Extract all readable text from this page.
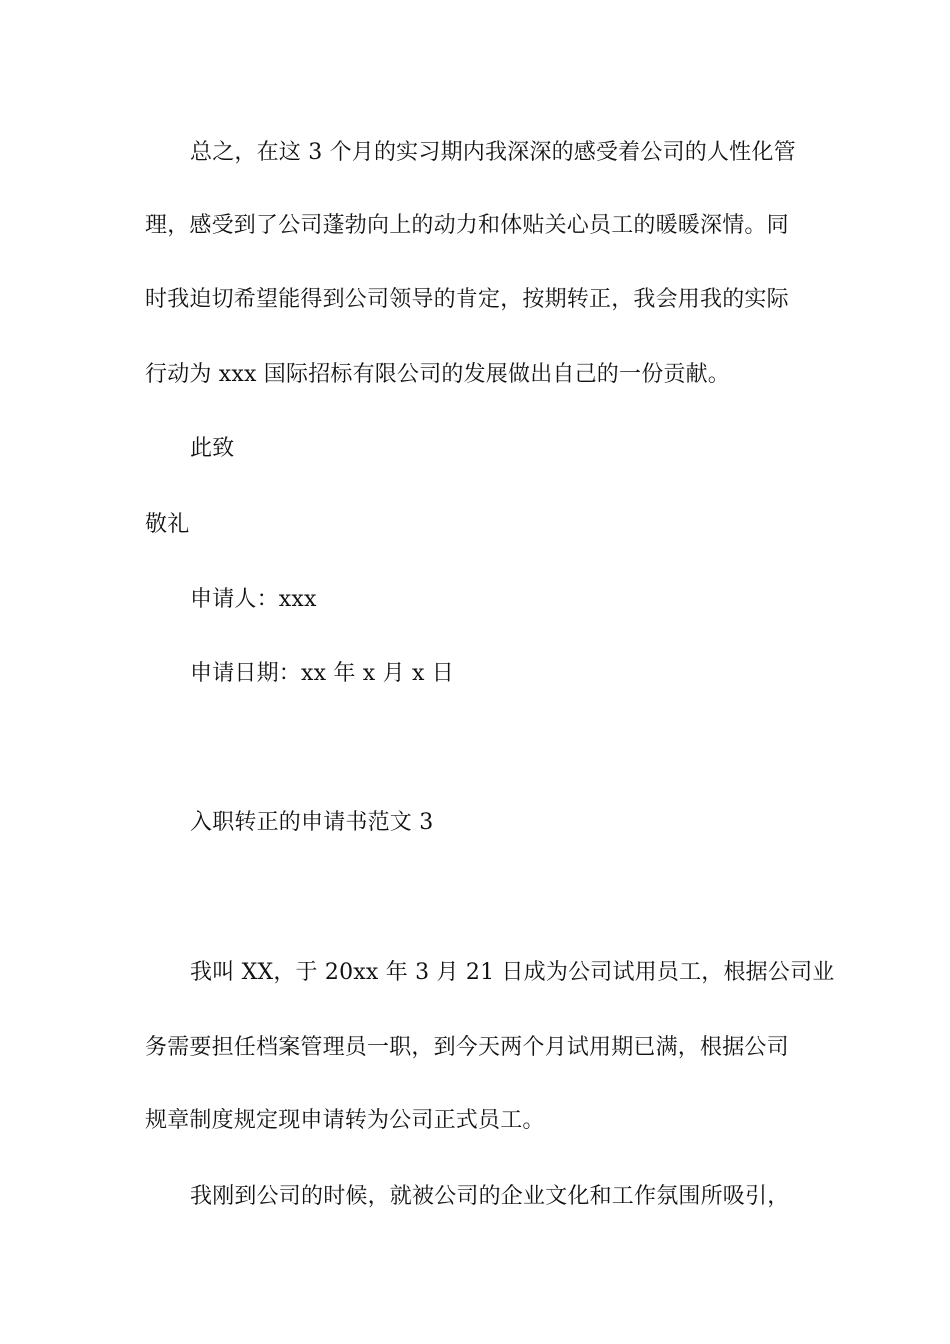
总之，在这 3 个月的实习期内我深深的感受着公司的人性化管
理，感受到了公司蓬勃向上的动力和体贴关心员工的暖暖深情。同
时我迫切希望能得到公司领导的肯定，按期转正，我会用我的实际
行动为 xxx 国际招标有限公司的发展做出自己的一份贡献。
此致
敬礼
申请人：xxx
申请日期：xx 年 x 月 x 日
入职转正的申请书范文 3
我叫 XX，于 20xx 年 3 月 21 日成为公司试用员工，根据公司业
务需要担任档案管理员一职，到今天两个月试用期已满，根据公司
规章制度规定现申请转为公司正式员工。
我刚到公司的时候，就被公司的企业文化和工作氛围所吸引，
